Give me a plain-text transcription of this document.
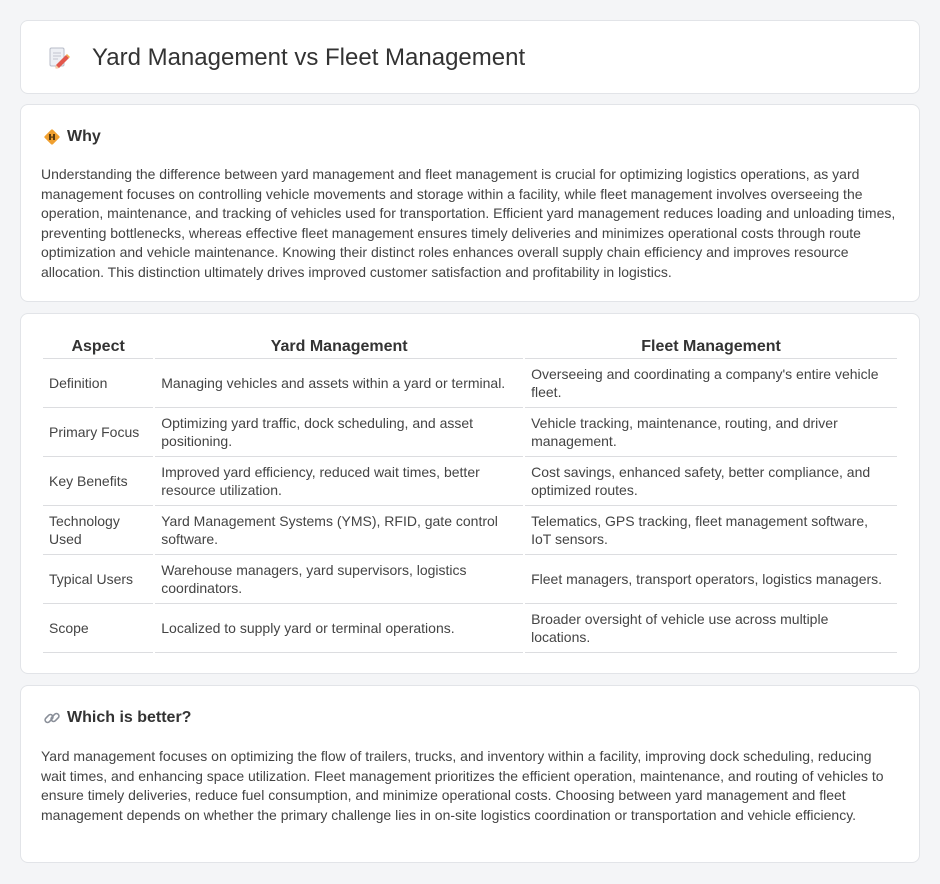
Yard Management vs Fleet Management
Why

Understanding the difference between yard management and fleet management is crucial for optimizing logistics operations, as yard management focuses on controlling vehicle movements and storage within a facility, while fleet management involves overseeing the operation, maintenance, and tracking of vehicles used for transportation. Efficient yard management reduces loading and unloading times, preventing bottlenecks, whereas effective fleet management ensures timely deliveries and minimizes operational costs through route optimization and vehicle maintenance. Knowing their distinct roles enhances overall supply chain efficiency and improves resource allocation. This distinction ultimately drives improved customer satisfaction and profitability in logistics.

Aspect	Yard Management	Fleet Management
Definition	Managing vehicles and assets within a yard or terminal.	Overseeing and coordinating a company's entire vehicle fleet.
Primary Focus	Optimizing yard traffic, dock scheduling, and asset positioning.	Vehicle tracking, maintenance, routing, and driver management.
Key Benefits	Improved yard efficiency, reduced wait times, better resource utilization.	Cost savings, enhanced safety, better compliance, and optimized routes.
Technology Used	Yard Management Systems (YMS), RFID, gate control software.	Telematics, GPS tracking, fleet management software, IoT sensors.
Typical Users	Warehouse managers, yard supervisors, logistics coordinators.	Fleet managers, transport operators, logistics managers.
Scope	Localized to supply yard or terminal operations.	Broader oversight of vehicle use across multiple locations.
Which is better?

Yard management focuses on optimizing the flow of trailers, trucks, and inventory within a facility, improving dock scheduling, reducing wait times, and enhancing space utilization. Fleet management prioritizes the efficient operation, maintenance, and routing of vehicles to ensure timely deliveries, reduce fuel consumption, and minimize operational costs. Choosing between yard management and fleet management depends on whether the primary challenge lies in on-site logistics coordination or transportation and vehicle efficiency.
